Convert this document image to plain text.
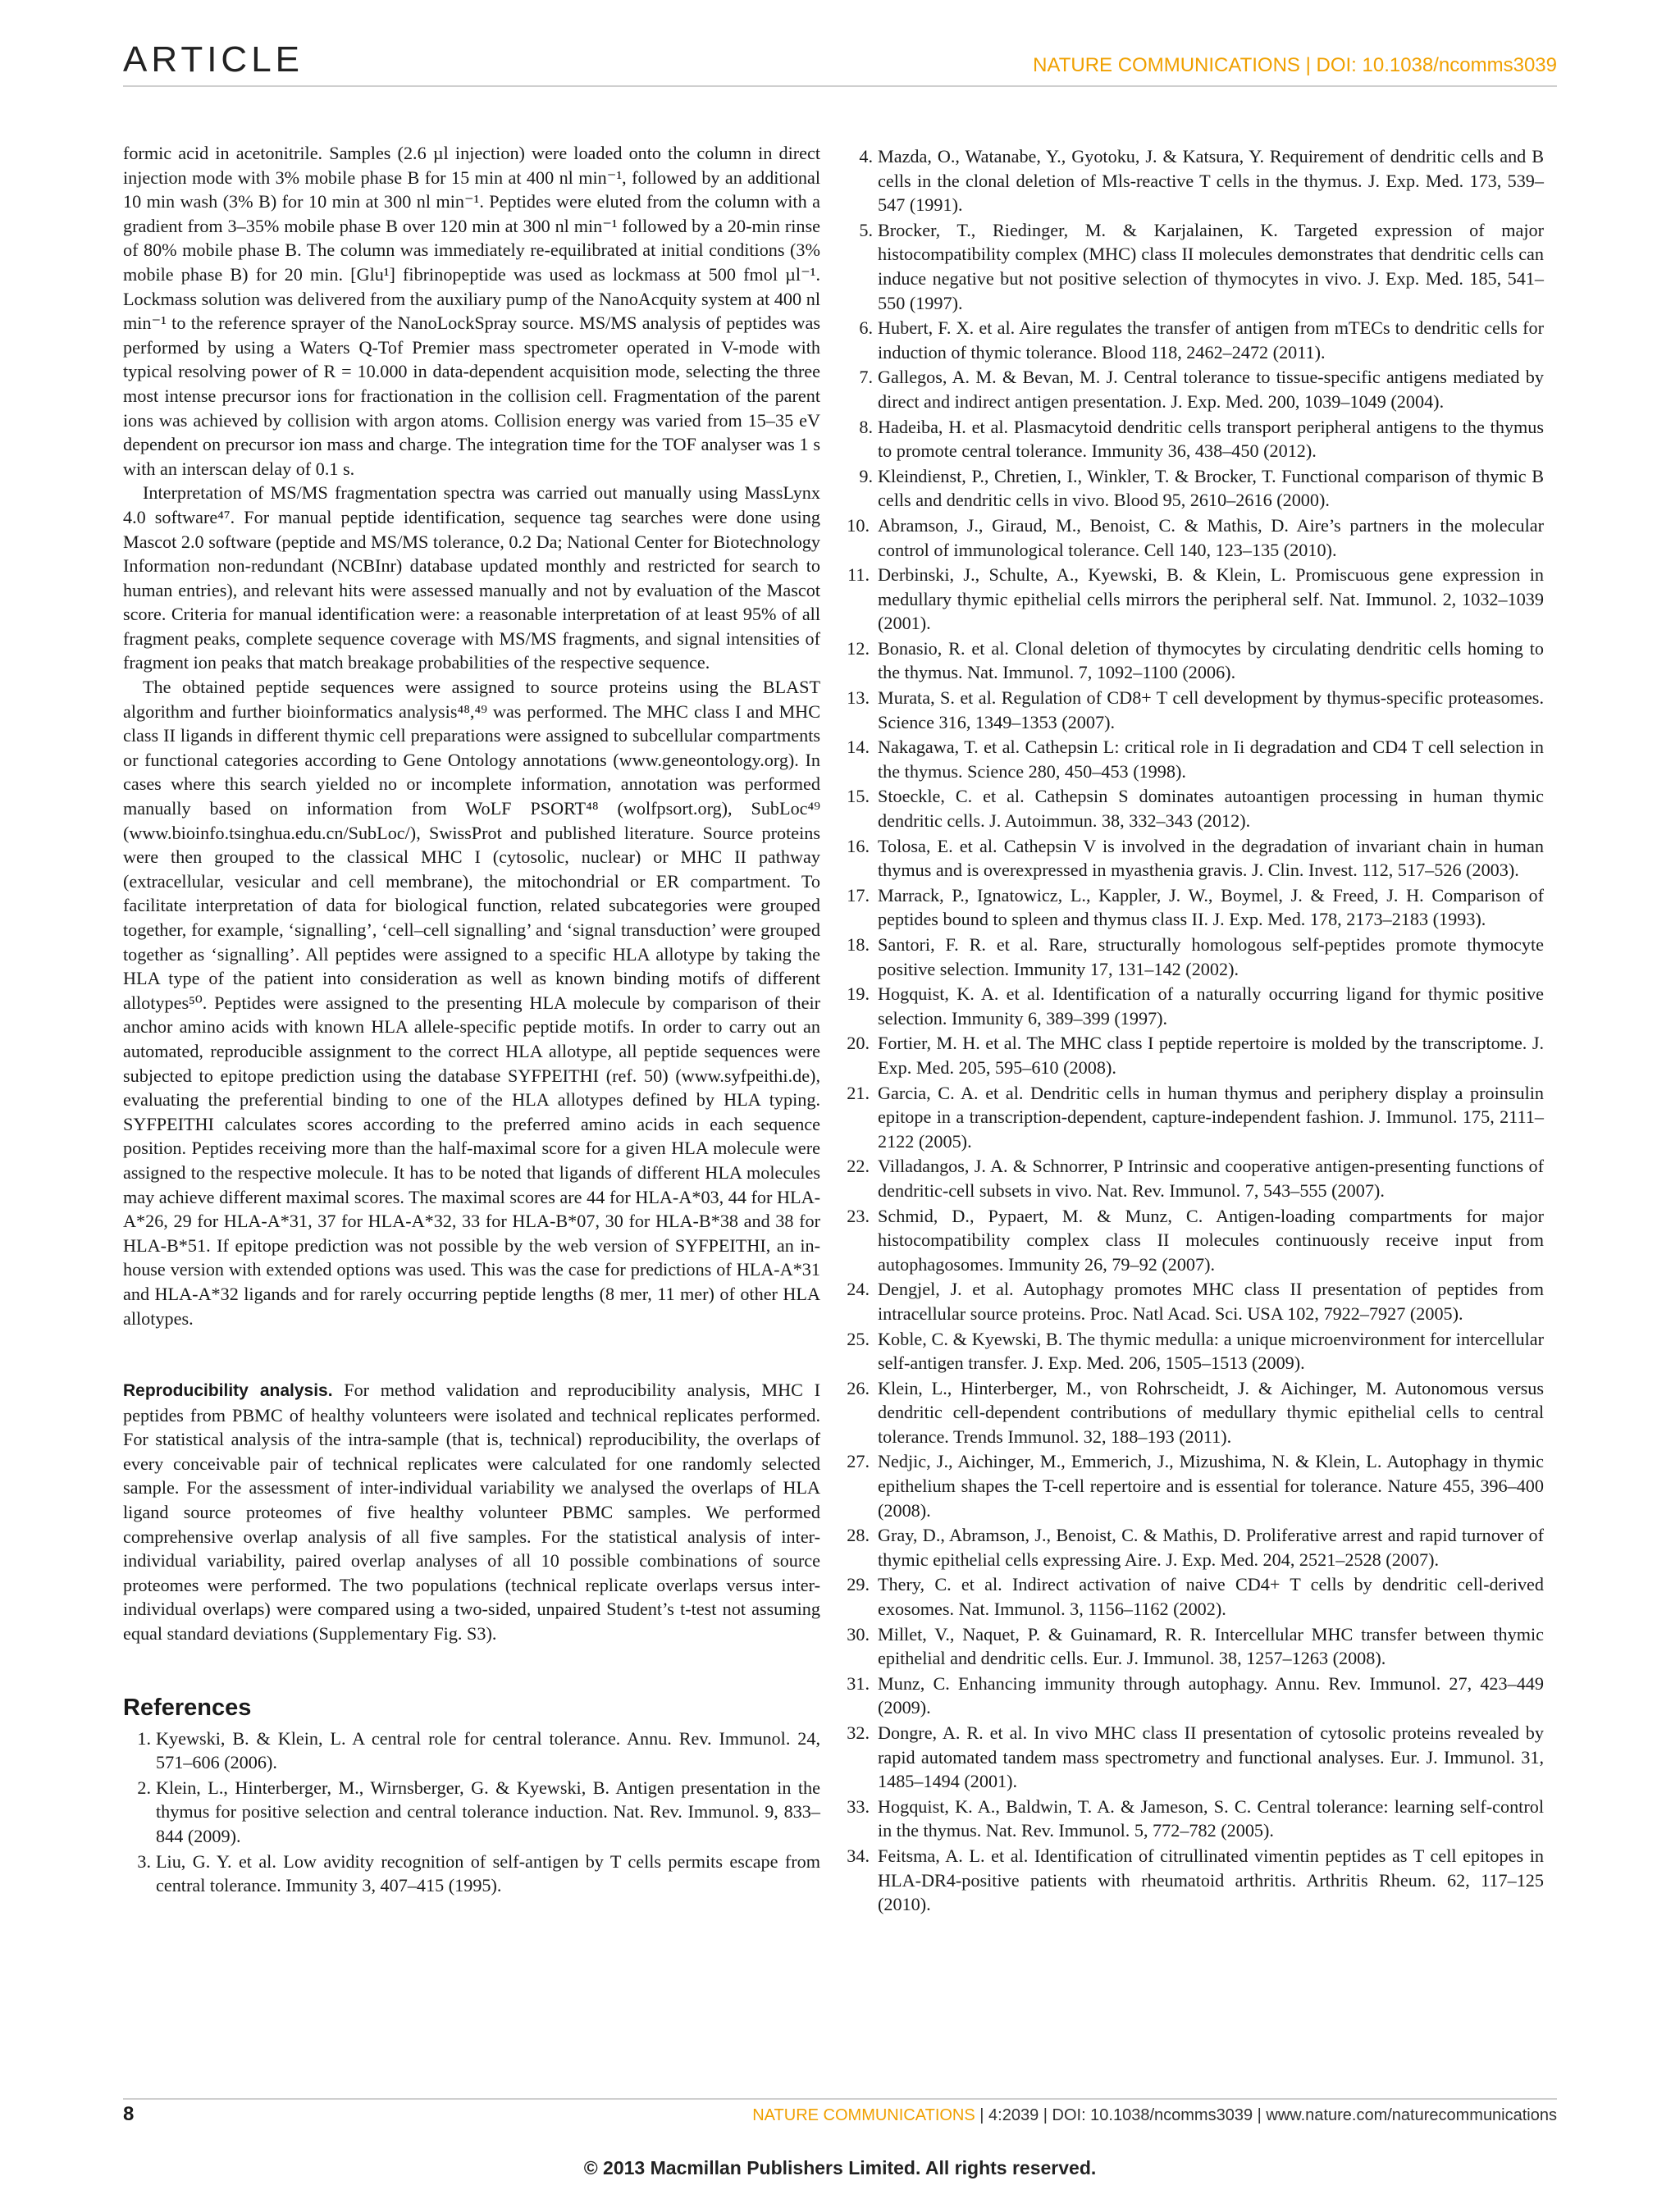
ARTICLE	NATURE COMMUNICATIONS | DOI: 10.1038/ncomms3039

formic acid in acetonitrile. Samples (2.6 µl injection) were loaded onto the column in direct injection mode with 3% mobile phase B for 15 min at 400 nl min⁻¹, followed by an additional 10 min wash (3% B) for 10 min at 300 nl min⁻¹. Peptides were eluted from the column with a gradient from 3–35% mobile phase B over 120 min at 300 nl min⁻¹ followed by a 20-min rinse of 80% mobile phase B. The column was immediately re-equilibrated at initial conditions (3% mobile phase B) for 20 min. [Glu¹] fibrinopeptide was used as lockmass at 500 fmol µl⁻¹. Lockmass solution was delivered from the auxiliary pump of the NanoAcquity system at 400 nl min⁻¹ to the reference sprayer of the NanoLockSpray source. MS/MS analysis of peptides was performed by using a Waters Q-Tof Premier mass spectrometer operated in V-mode with typical resolving power of R = 10.000 in data-dependent acquisition mode, selecting the three most intense precursor ions for fractionation in the collision cell. Fragmentation of the parent ions was achieved by collision with argon atoms. Collision energy was varied from 15–35 eV dependent on precursor ion mass and charge. The integration time for the TOF analyser was 1 s with an interscan delay of 0.1 s.

Interpretation of MS/MS fragmentation spectra was carried out manually using MassLynx 4.0 software⁴⁷. For manual peptide identification, sequence tag searches were done using Mascot 2.0 software (peptide and MS/MS tolerance, 0.2 Da; National Center for Biotechnology Information non-redundant (NCBInr) database updated monthly and restricted for search to human entries), and relevant hits were assessed manually and not by evaluation of the Mascot score. Criteria for manual identification were: a reasonable interpretation of at least 95% of all fragment peaks, complete sequence coverage with MS/MS fragments, and signal intensities of fragment ion peaks that match breakage probabilities of the respective sequence.

The obtained peptide sequences were assigned to source proteins using the BLAST algorithm and further bioinformatics analysis⁴⁸,⁴⁹ was performed. The MHC class I and MHC class II ligands in different thymic cell preparations were assigned to subcellular compartments or functional categories according to Gene Ontology annotations (www.geneontology.org). In cases where this search yielded no or incomplete information, annotation was performed manually based on information from WoLF PSORT⁴⁸ (wolfpsort.org), SubLoc⁴⁹ (www.bioinfo.tsinghua.edu.cn/SubLoc/), SwissProt and published literature. Source proteins were then grouped to the classical MHC I (cytosolic, nuclear) or MHC II pathway (extracellular, vesicular and cell membrane), the mitochondrial or ER compartment. To facilitate interpretation of data for biological function, related subcategories were grouped together, for example, ‘signalling’, ‘cell–cell signalling’ and ‘signal transduction’ were grouped together as ‘signalling’. All peptides were assigned to a specific HLA allotype by taking the HLA type of the patient into consideration as well as known binding motifs of different allotypes⁵⁰. Peptides were assigned to the presenting HLA molecule by comparison of their anchor amino acids with known HLA allele-specific peptide motifs. In order to carry out an automated, reproducible assignment to the correct HLA allotype, all peptide sequences were subjected to epitope prediction using the database SYFPEITHI (ref. 50) (www.syfpeithi.de), evaluating the preferential binding to one of the HLA allotypes defined by HLA typing. SYFPEITHI calculates scores according to the preferred amino acids in each sequence position. Peptides receiving more than the half-maximal score for a given HLA molecule were assigned to the respective molecule. It has to be noted that ligands of different HLA molecules may achieve different maximal scores. The maximal scores are 44 for HLA-A*03, 44 for HLA-A*26, 29 for HLA-A*31, 37 for HLA-A*32, 33 for HLA-B*07, 30 for HLA-B*38 and 38 for HLA-B*51. If epitope prediction was not possible by the web version of SYFPEITHI, an in-house version with extended options was used. This was the case for predictions of HLA-A*31 and HLA-A*32 ligands and for rarely occurring peptide lengths (8 mer, 11 mer) of other HLA allotypes.

Reproducibility analysis. For method validation and reproducibility analysis, MHC I peptides from PBMC of healthy volunteers were isolated and technical replicates performed. For statistical analysis of the intra-sample (that is, technical) reproducibility, the overlaps of every conceivable pair of technical replicates were calculated for one randomly selected sample. For the assessment of inter-individual variability we analysed the overlaps of HLA ligand source proteomes of five healthy volunteer PBMC samples. We performed comprehensive overlap analysis of all five samples. For the statistical analysis of inter-individual variability, paired overlap analyses of all 10 possible combinations of source proteomes were performed. The two populations (technical replicate overlaps versus inter-individual overlaps) were compared using a two-sided, unpaired Student’s t-test not assuming equal standard deviations (Supplementary Fig. S3).

References
1. Kyewski, B. & Klein, L. A central role for central tolerance. Annu. Rev. Immunol. 24, 571–606 (2006).
2. Klein, L., Hinterberger, M., Wirnsberger, G. & Kyewski, B. Antigen presentation in the thymus for positive selection and central tolerance induction. Nat. Rev. Immunol. 9, 833–844 (2009).
3. Liu, G. Y. et al. Low avidity recognition of self-antigen by T cells permits escape from central tolerance. Immunity 3, 407–415 (1995).
4. Mazda, O., Watanabe, Y., Gyotoku, J. & Katsura, Y. Requirement of dendritic cells and B cells in the clonal deletion of Mls-reactive T cells in the thymus. J. Exp. Med. 173, 539–547 (1991).
5. Brocker, T., Riedinger, M. & Karjalainen, K. Targeted expression of major histocompatibility complex (MHC) class II molecules demonstrates that dendritic cells can induce negative but not positive selection of thymocytes in vivo. J. Exp. Med. 185, 541–550 (1997).
6. Hubert, F. X. et al. Aire regulates the transfer of antigen from mTECs to dendritic cells for induction of thymic tolerance. Blood 118, 2462–2472 (2011).
7. Gallegos, A. M. & Bevan, M. J. Central tolerance to tissue-specific antigens mediated by direct and indirect antigen presentation. J. Exp. Med. 200, 1039–1049 (2004).
8. Hadeiba, H. et al. Plasmacytoid dendritic cells transport peripheral antigens to the thymus to promote central tolerance. Immunity 36, 438–450 (2012).
9. Kleindienst, P., Chretien, I., Winkler, T. & Brocker, T. Functional comparison of thymic B cells and dendritic cells in vivo. Blood 95, 2610–2616 (2000).
10. Abramson, J., Giraud, M., Benoist, C. & Mathis, D. Aire’s partners in the molecular control of immunological tolerance. Cell 140, 123–135 (2010).
11. Derbinski, J., Schulte, A., Kyewski, B. & Klein, L. Promiscuous gene expression in medullary thymic epithelial cells mirrors the peripheral self. Nat. Immunol. 2, 1032–1039 (2001).
12. Bonasio, R. et al. Clonal deletion of thymocytes by circulating dendritic cells homing to the thymus. Nat. Immunol. 7, 1092–1100 (2006).
13. Murata, S. et al. Regulation of CD8+ T cell development by thymus-specific proteasomes. Science 316, 1349–1353 (2007).
14. Nakagawa, T. et al. Cathepsin L: critical role in Ii degradation and CD4 T cell selection in the thymus. Science 280, 450–453 (1998).
15. Stoeckle, C. et al. Cathepsin S dominates autoantigen processing in human thymic dendritic cells. J. Autoimmun. 38, 332–343 (2012).
16. Tolosa, E. et al. Cathepsin V is involved in the degradation of invariant chain in human thymus and is overexpressed in myasthenia gravis. J. Clin. Invest. 112, 517–526 (2003).
17. Marrack, P., Ignatowicz, L., Kappler, J. W., Boymel, J. & Freed, J. H. Comparison of peptides bound to spleen and thymus class II. J. Exp. Med. 178, 2173–2183 (1993).
18. Santori, F. R. et al. Rare, structurally homologous self-peptides promote thymocyte positive selection. Immunity 17, 131–142 (2002).
19. Hogquist, K. A. et al. Identification of a naturally occurring ligand for thymic positive selection. Immunity 6, 389–399 (1997).
20. Fortier, M. H. et al. The MHC class I peptide repertoire is molded by the transcriptome. J. Exp. Med. 205, 595–610 (2008).
21. Garcia, C. A. et al. Dendritic cells in human thymus and periphery display a proinsulin epitope in a transcription-dependent, capture-independent fashion. J. Immunol. 175, 2111–2122 (2005).
22. Villadangos, J. A. & Schnorrer, P Intrinsic and cooperative antigen-presenting functions of dendritic-cell subsets in vivo. Nat. Rev. Immunol. 7, 543–555 (2007).
23. Schmid, D., Pypaert, M. & Munz, C. Antigen-loading compartments for major histocompatibility complex class II molecules continuously receive input from autophagosomes. Immunity 26, 79–92 (2007).
24. Dengjel, J. et al. Autophagy promotes MHC class II presentation of peptides from intracellular source proteins. Proc. Natl Acad. Sci. USA 102, 7922–7927 (2005).
25. Koble, C. & Kyewski, B. The thymic medulla: a unique microenvironment for intercellular self-antigen transfer. J. Exp. Med. 206, 1505–1513 (2009).
26. Klein, L., Hinterberger, M., von Rohrscheidt, J. & Aichinger, M. Autonomous versus dendritic cell-dependent contributions of medullary thymic epithelial cells to central tolerance. Trends Immunol. 32, 188–193 (2011).
27. Nedjic, J., Aichinger, M., Emmerich, J., Mizushima, N. & Klein, L. Autophagy in thymic epithelium shapes the T-cell repertoire and is essential for tolerance. Nature 455, 396–400 (2008).
28. Gray, D., Abramson, J., Benoist, C. & Mathis, D. Proliferative arrest and rapid turnover of thymic epithelial cells expressing Aire. J. Exp. Med. 204, 2521–2528 (2007).
29. Thery, C. et al. Indirect activation of naive CD4+ T cells by dendritic cell-derived exosomes. Nat. Immunol. 3, 1156–1162 (2002).
30. Millet, V., Naquet, P. & Guinamard, R. R. Intercellular MHC transfer between thymic epithelial and dendritic cells. Eur. J. Immunol. 38, 1257–1263 (2008).
31. Munz, C. Enhancing immunity through autophagy. Annu. Rev. Immunol. 27, 423–449 (2009).
32. Dongre, A. R. et al. In vivo MHC class II presentation of cytosolic proteins revealed by rapid automated tandem mass spectrometry and functional analyses. Eur. J. Immunol. 31, 1485–1494 (2001).
33. Hogquist, K. A., Baldwin, T. A. & Jameson, S. C. Central tolerance: learning self-control in the thymus. Nat. Rev. Immunol. 5, 772–782 (2005).
34. Feitsma, A. L. et al. Identification of citrullinated vimentin peptides as T cell epitopes in HLA-DR4-positive patients with rheumatoid arthritis. Arthritis Rheum. 62, 117–125 (2010).
8	NATURE COMMUNICATIONS | 4:2039 | DOI: 10.1038/ncomms3039 | www.nature.com/naturecommunications
© 2013 Macmillan Publishers Limited. All rights reserved.
